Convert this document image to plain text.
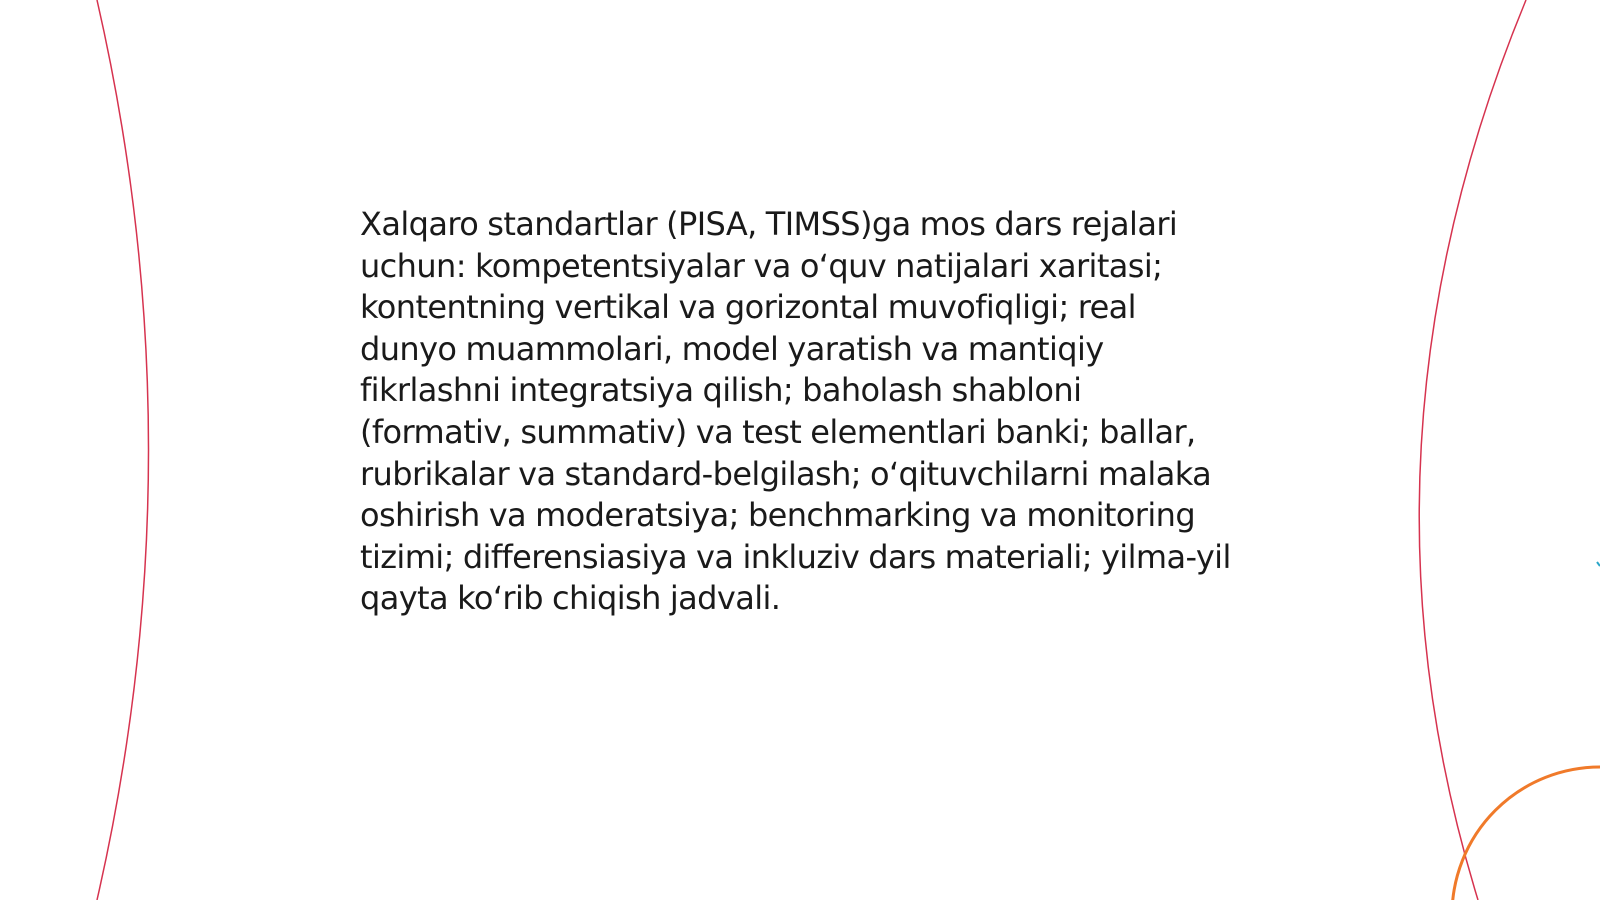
Xalqaro standartlar (PISA, TIMSS)ga mos dars rejalari uchun: kompetentsiyalar va o‘quv natijalari xaritasi; kontentning vertikal va gorizontal muvofiqligi; real dunyo muammolari, model yaratish va mantiqiy fikrlashni integratsiya qilish; baholash shabloni (formativ, summativ) va test elementlari banki; ballar, rubrikalar va standard-belgilash; o‘qituvchilarni malaka oshirish va moderatsiya; benchmarking va monitoring tizimi; differensiasiya va inkluziv dars materiali; yilma-yil qayta ko‘rib chiqish jadvali.
